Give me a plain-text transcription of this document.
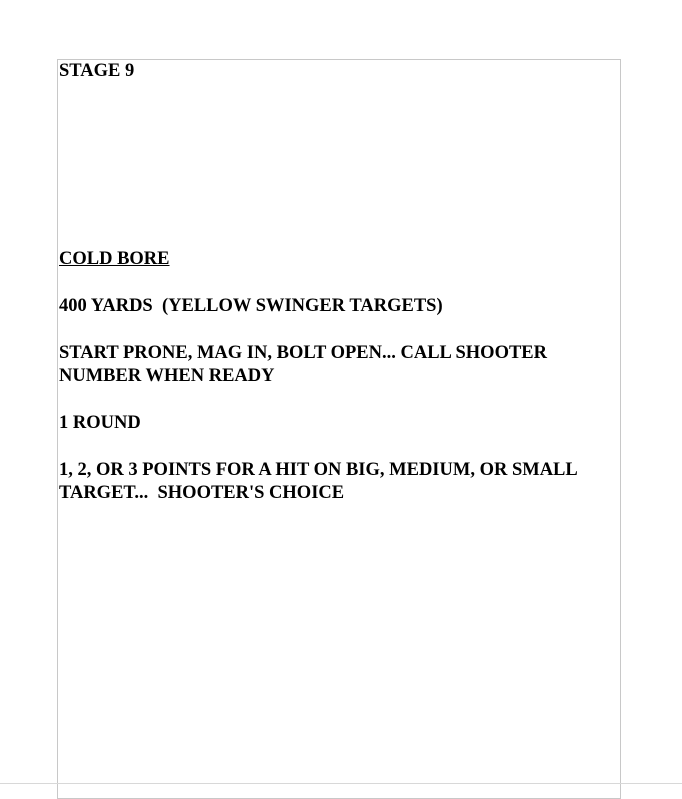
STAGE 9

COLD BORE

400 YARDS  (YELLOW SWINGER TARGETS)

START PRONE, MAG IN, BOLT OPEN... CALL SHOOTER NUMBER WHEN READY

1 ROUND

1, 2, OR 3 POINTS FOR A HIT ON BIG, MEDIUM, OR SMALL TARGET...  SHOOTER'S CHOICE
